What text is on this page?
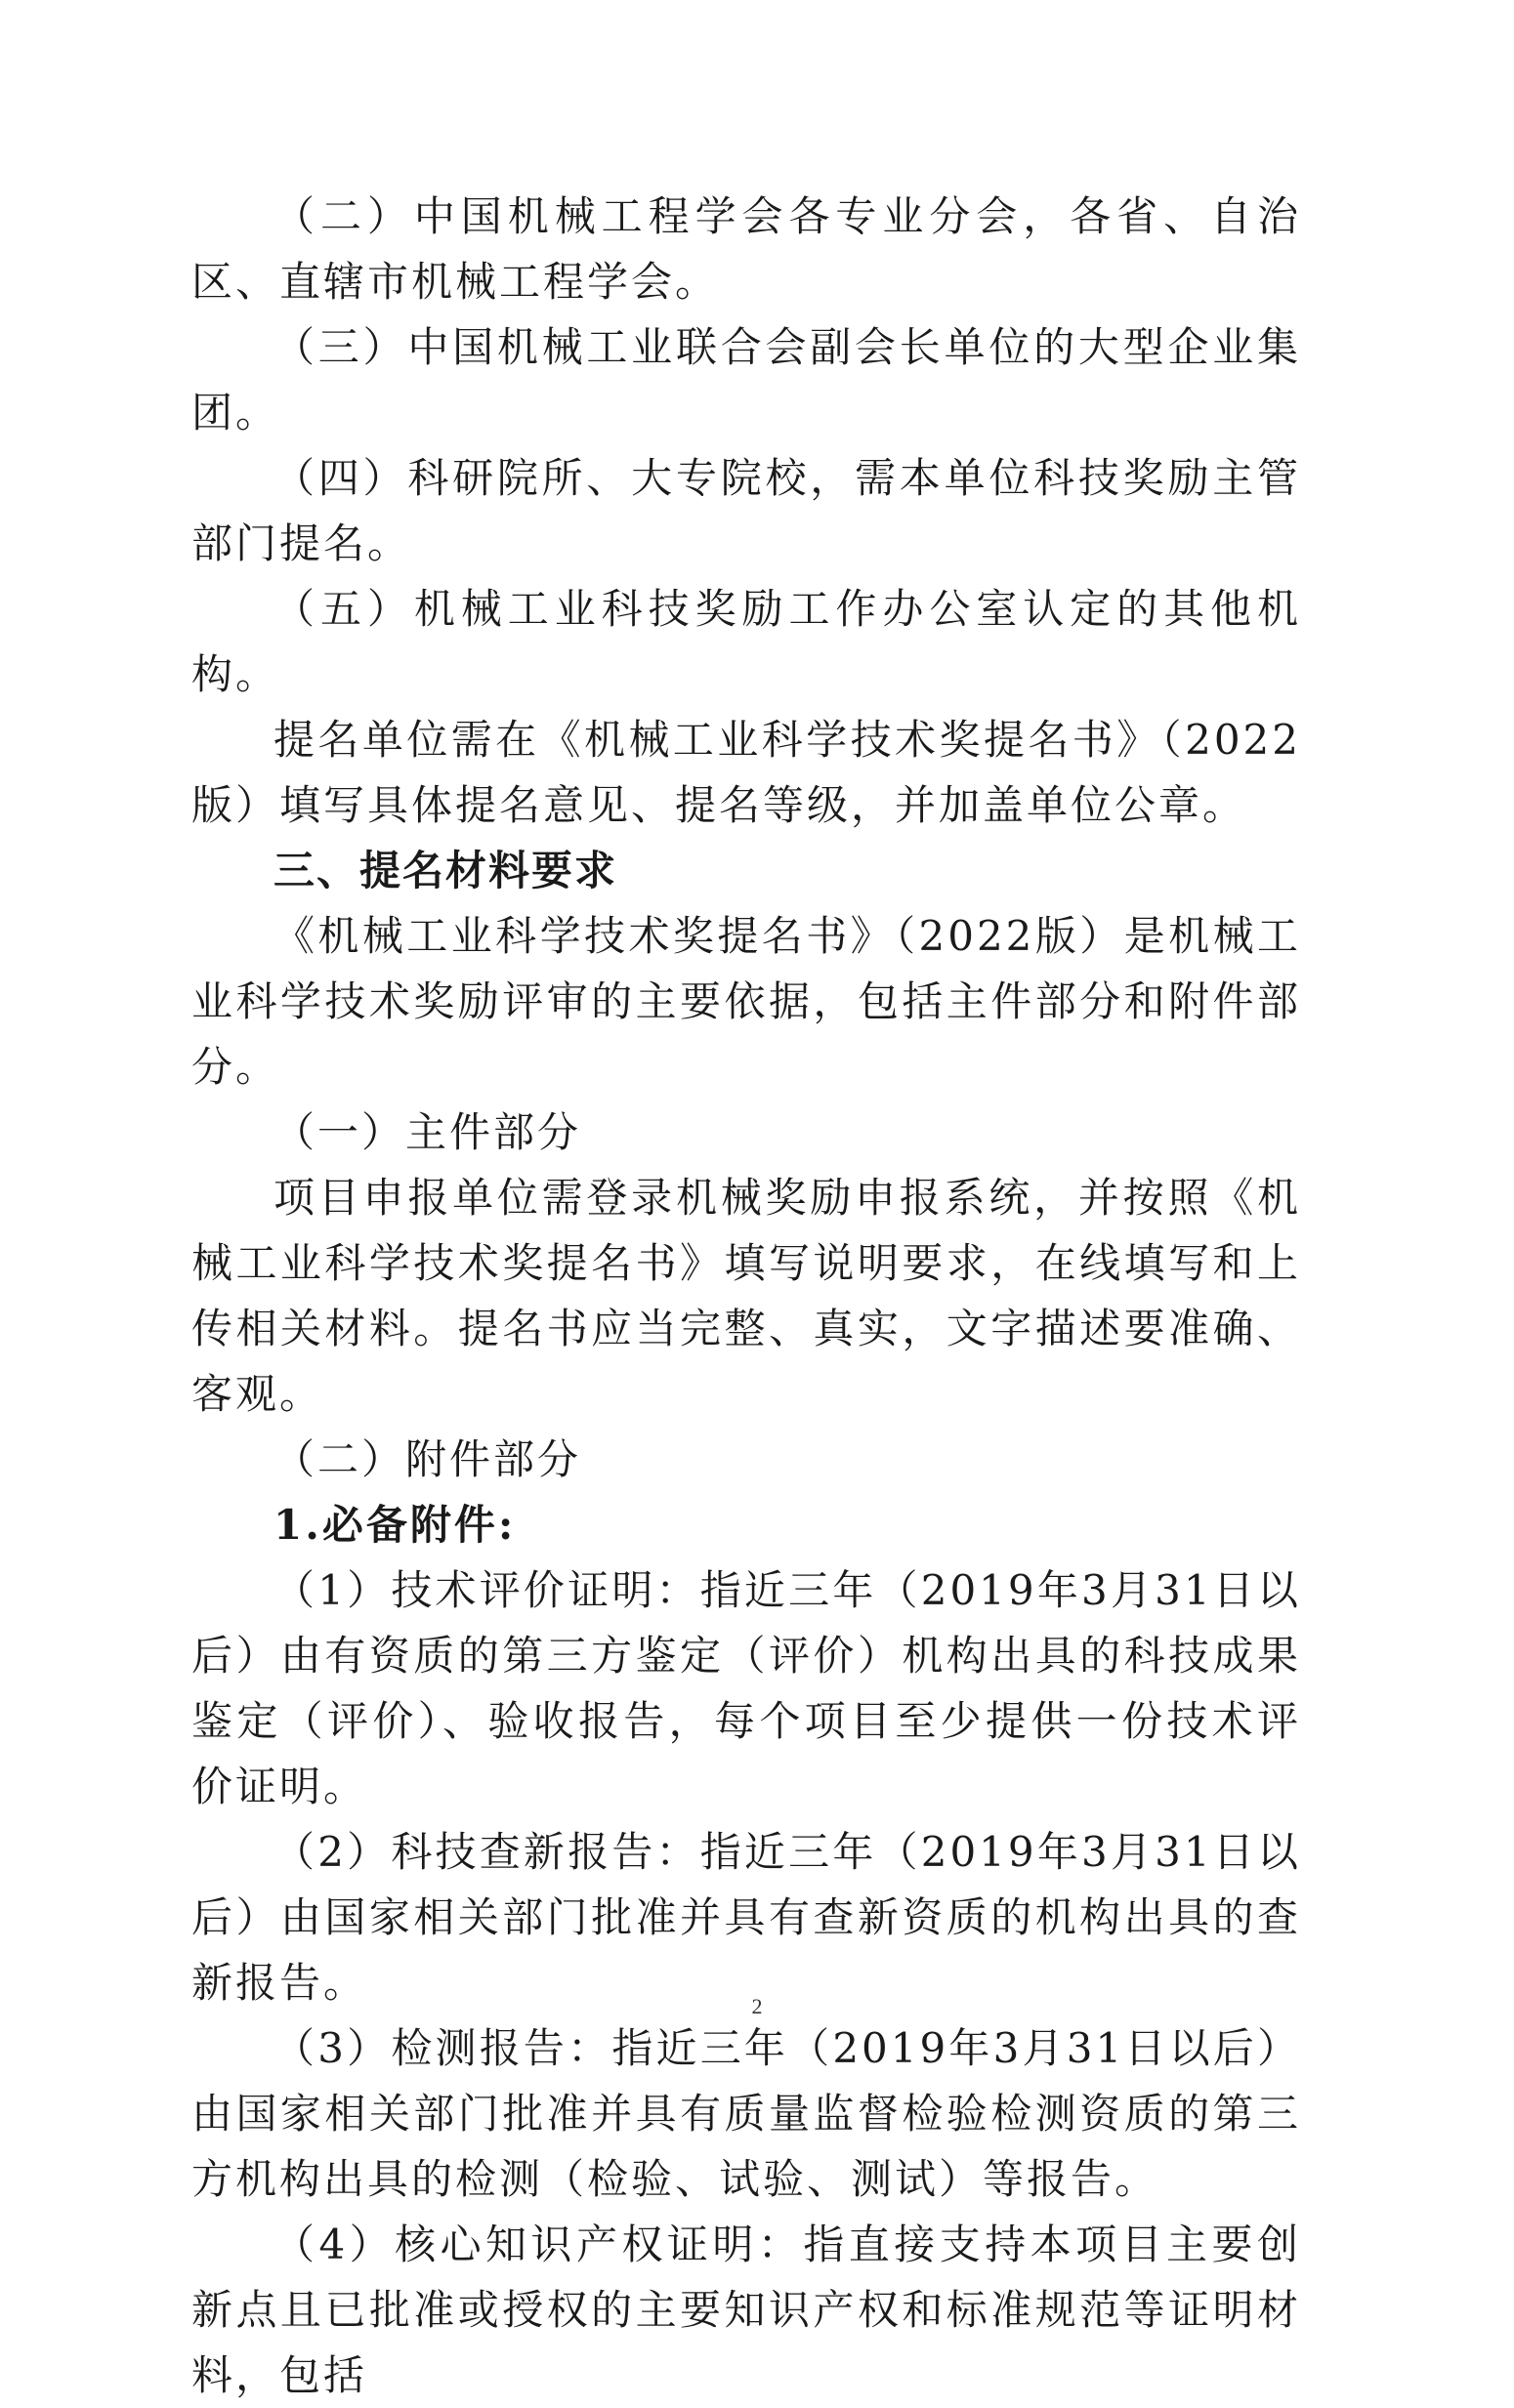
（二）中国机械工程学会各专业分会，各省、自治区、直辖市机械工程学会。

（三）中国机械工业联合会副会长单位的大型企业集团。

（四）科研院所、大专院校，需本单位科技奖励主管部门提名。

（五）机械工业科技奖励工作办公室认定的其他机构。

提名单位需在《机械工业科学技术奖提名书》（2022版）填写具体提名意见、提名等级，并加盖单位公章。

三、提名材料要求

《机械工业科学技术奖提名书》（2022版）是机械工业科学技术奖励评审的主要依据，包括主件部分和附件部分。

（一）主件部分

项目申报单位需登录机械奖励申报系统，并按照《机械工业科学技术奖提名书》填写说明要求，在线填写和上传相关材料。提名书应当完整、真实，文字描述要准确、客观。

（二）附件部分

1.必备附件:

（1）技术评价证明：指近三年（2019年3月31日以后）由有资质的第三方鉴定（评价）机构出具的科技成果鉴定（评价）、验收报告，每个项目至少提供一份技术评价证明。

（2）科技查新报告：指近三年（2019年3月31日以后）由国家相关部门批准并具有查新资质的机构出具的查新报告。

（3）检测报告：指近三年（2019年3月31日以后）由国家相关部门批准并具有质量监督检验检测资质的第三方机构出具的检测（检验、试验、测试）等报告。

（4）核心知识产权证明：指直接支持本项目主要创新点且已批准或授权的主要知识产权和标准规范等证明材料，包括

2
